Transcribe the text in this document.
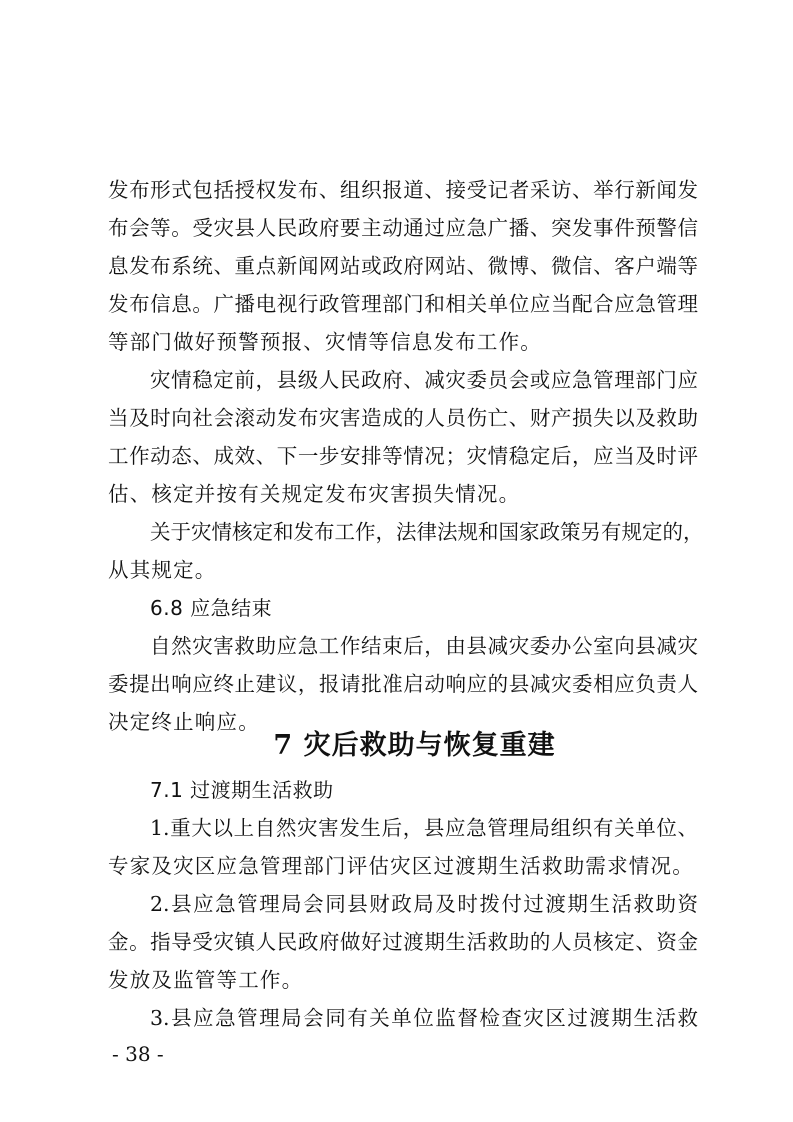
发布形式包括授权发布、组织报道、接受记者采访、举行新闻发
布会等。受灾县人民政府要主动通过应急广播、突发事件预警信
息发布系统、重点新闻网站或政府网站、微博、微信、客户端等
发布信息。广播电视行政管理部门和相关单位应当配合应急管理
等部门做好预警预报、灾情等信息发布工作。
灾情稳定前，县级人民政府、减灾委员会或应急管理部门应
当及时向社会滚动发布灾害造成的人员伤亡、财产损失以及救助
工作动态、成效、下一步安排等情况；灾情稳定后，应当及时评
估、核定并按有关规定发布灾害损失情况。
关于灾情核定和发布工作，法律法规和国家政策另有规定的，
从其规定。
6.8 应急结束
自然灾害救助应急工作结束后，由县减灾委办公室向县减灾
委提出响应终止建议，报请批准启动响应的县减灾委相应负责人
决定终止响应。
7 灾后救助与恢复重建
7.1 过渡期生活救助
1.重大以上自然灾害发生后，县应急管理局组织有关单位、
专家及灾区应急管理部门评估灾区过渡期生活救助需求情况。
2.县应急管理局会同县财政局及时拨付过渡期生活救助资
金。指导受灾镇人民政府做好过渡期生活救助的人员核定、资金
发放及监管等工作。
3.县应急管理局会同有关单位监督检查灾区过渡期生活救
- 38 -
